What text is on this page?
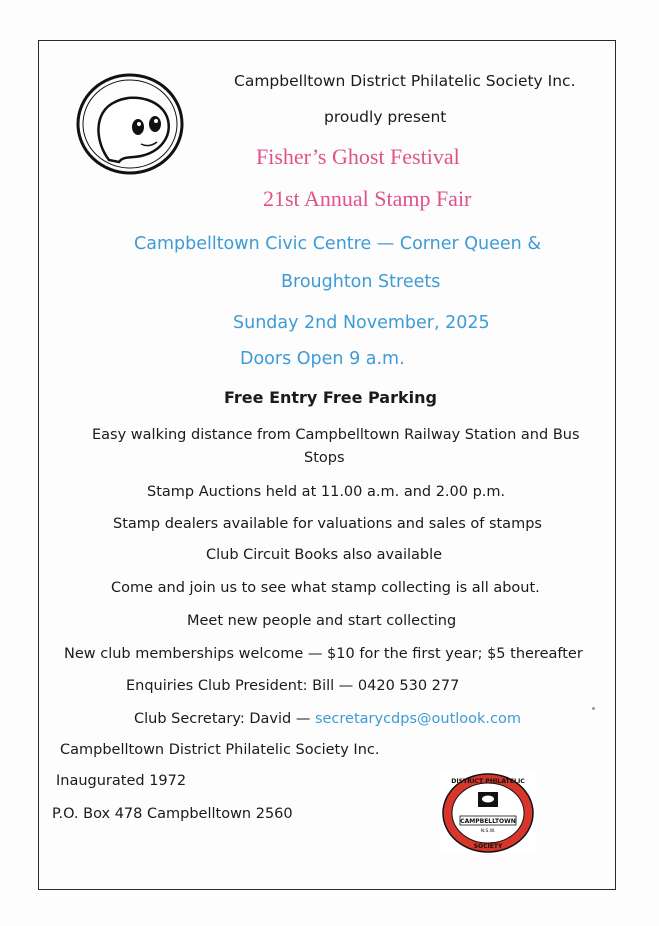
Campbelltown District Philatelic Society Inc.
proudly present
Fisher’s Ghost Festival
21st Annual Stamp Fair
Campbelltown Civic Centre — Corner Queen &
Broughton Streets
Sunday 2nd November, 2025
Doors Open 9 a.m.
Free Entry Free Parking
Easy walking distance from Campbelltown Railway Station and Bus
Stops
Stamp Auctions held at 11.00 a.m. and 2.00 p.m.
Stamp dealers available for valuations and sales of stamps
Club Circuit Books also available
Come and join us to see what stamp collecting is all about.
Meet new people and start collecting
New club memberships welcome — $10 for the first year; $5 thereafter
Enquiries Club President: Bill — 0420 530 277
Club Secretary: David — secretarycdps@outlook.com
Campbelltown District Philatelic Society Inc.
Inaugurated 1972
P.O. Box 478 Campbelltown 2560
DISTRICT PHILATELIC
CAMPBELLTOWN
N.S.W.
SOCIETY
